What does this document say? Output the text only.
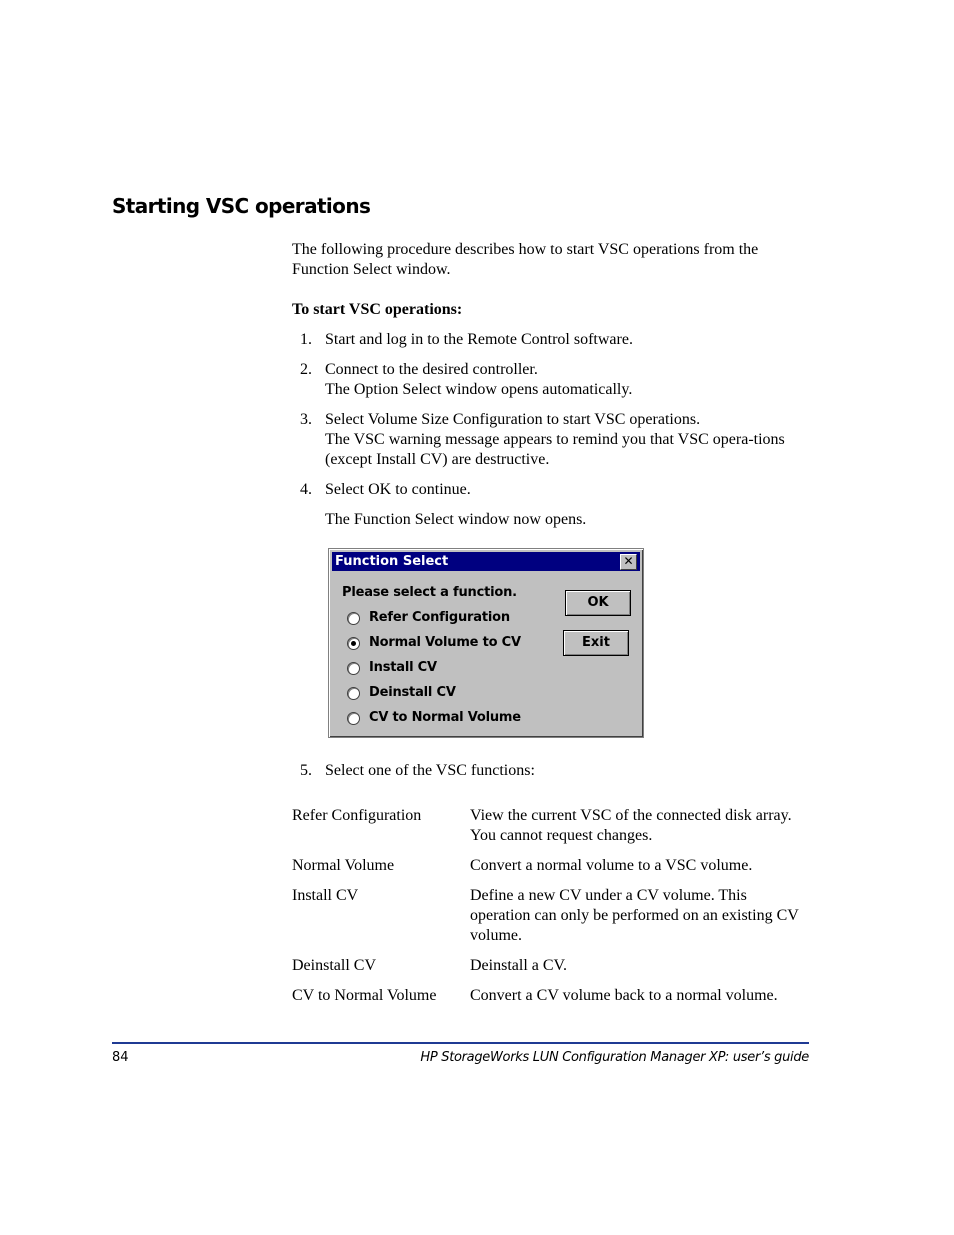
Starting VSC operations
The following procedure describes how to start VSC operations from the Function Select window.
To start VSC operations:
1. Start and log in to the Remote Control software.
2. Connect to the desired controller.
The Option Select window opens automatically.
3. Select Volume Size Configuration to start VSC operations.
The VSC warning message appears to remind you that VSC opera-tions (except Install CV) are destructive.
4. Select OK to continue.
The Function Select window now opens.
Function Select	✕
Please select a function.
Refer Configuration
Normal Volume to CV
Install CV
Deinstall CV
CV to Normal Volume
OK
Exit
5. Select one of the VSC functions:
Refer Configuration	View the current VSC of the connected disk array. You cannot request changes.
Normal Volume	Convert a normal volume to a VSC volume.
Install CV	Define a new CV under a CV volume. This operation can only be performed on an existing CV volume.
Deinstall CV	Deinstall a CV.
CV to Normal Volume	Convert a CV volume back to a normal volume.
84	HP StorageWorks LUN Configuration Manager XP: user’s guide
